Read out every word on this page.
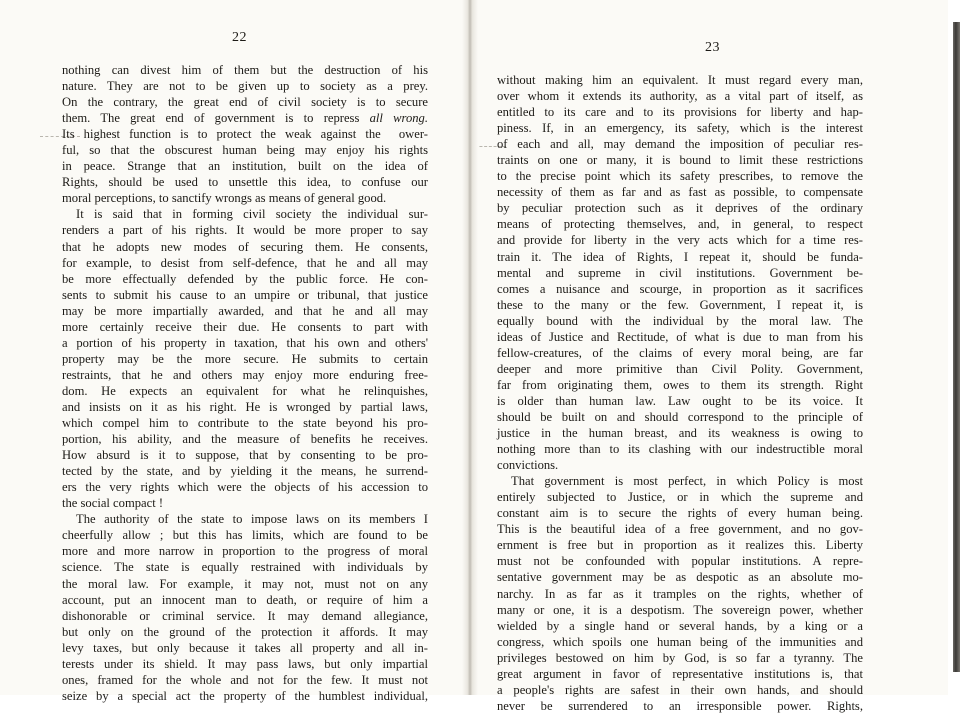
22
nothing can divest him of them but the destruction of his
nature. They are not to be given up to society as a prey.
On the contrary, the great end of civil society is to secure
them. The great end of government is to repress all wrong.
Its highest function is to protect the weak against the  ower-
ful, so that the obscurest human being may enjoy his rights
in peace. Strange that an institution, built on the idea of
Rights, should be used to unsettle this idea, to confuse our
moral perceptions, to sanctify wrongs as means of general good.
It is said that in forming civil society the individual sur-
renders a part of his rights. It would be more proper to say
that he adopts new modes of securing them. He consents,
for example, to desist from self-defence, that he and all may
be more effectually defended by the public force. He con-
sents to submit his cause to an umpire or tribunal, that justice
may be more impartially awarded, and that he and all may
more certainly receive their due. He consents to part with
a portion of his property in taxation, that his own and others'
property may be the more secure. He submits to certain
restraints, that he and others may enjoy more enduring free-
dom. He expects an equivalent for what he relinquishes,
and insists on it as his right. He is wronged by partial laws,
which compel him to contribute to the state beyond his pro-
portion, his ability, and the measure of benefits he receives.
How absurd is it to suppose, that by consenting to be pro-
tected by the state, and by yielding it the means, he surrend-
ers the very rights which were the objects of his accession to
the social compact !
The authority of the state to impose laws on its members I
cheerfully allow ; but this has limits, which are found to be
more and more narrow in proportion to the progress of moral
science. The state is equally restrained with individuals by
the moral law. For example, it may not, must not on any
account, put an innocent man to death, or require of him a
dishonorable or criminal service. It may demand allegiance,
but only on the ground of the protection it affords. It may
levy taxes, but only because it takes all property and all in-
terests under its shield. It may pass laws, but only impartial
ones, framed for the whole and not for the few. It must not
seize by a special act the property of the humblest individual,
23
without making him an equivalent. It must regard every man,
over whom it extends its authority, as a vital part of itself, as
entitled to its care and to its provisions for liberty and hap-
piness. If, in an emergency, its safety, which is the interest
of each and all, may demand the imposition of peculiar res-
traints on one or many, it is bound to limit these restrictions
to the precise point which its safety prescribes, to remove the
necessity of them as far and as fast as possible, to compensate
by peculiar protection such as it deprives of the ordinary
means of protecting themselves, and, in general, to respect
and provide for liberty in the very acts which for a time res-
train it. The idea of Rights, I repeat it, should be funda-
mental and supreme in civil institutions. Government be-
comes a nuisance and scourge, in proportion as it sacrifices
these to the many or the few. Government, I repeat it, is
equally bound with the individual by the moral law. The
ideas of Justice and Rectitude, of what is due to man from his
fellow-creatures, of the claims of every moral being, are far
deeper and more primitive than Civil Polity. Government,
far from originating them, owes to them its strength. Right
is older than human law. Law ought to be its voice. It
should be built on and should correspond to the principle of
justice in the human breast, and its weakness is owing to
nothing more than to its clashing with our indestructible moral
convictions.
That government is most perfect, in which Policy is most
entirely subjected to Justice, or in which the supreme and
constant aim is to secure the rights of every human being.
This is the beautiful idea of a free government, and no gov-
ernment is free but in proportion as it realizes this. Liberty
must not be confounded with popular institutions. A repre-
sentative government may be as despotic as an absolute mo-
narchy. In as far as it tramples on the rights, whether of
many or one, it is a despotism. The sovereign power, whether
wielded by a single hand or several hands, by a king or a
congress, which spoils one human being of the immunities and
privileges bestowed on him by God, is so far a tyranny. The
great argument in favor of representative institutions is, that
a people's rights are safest in their own hands, and should
never be surrendered to an irresponsible power. Rights,
